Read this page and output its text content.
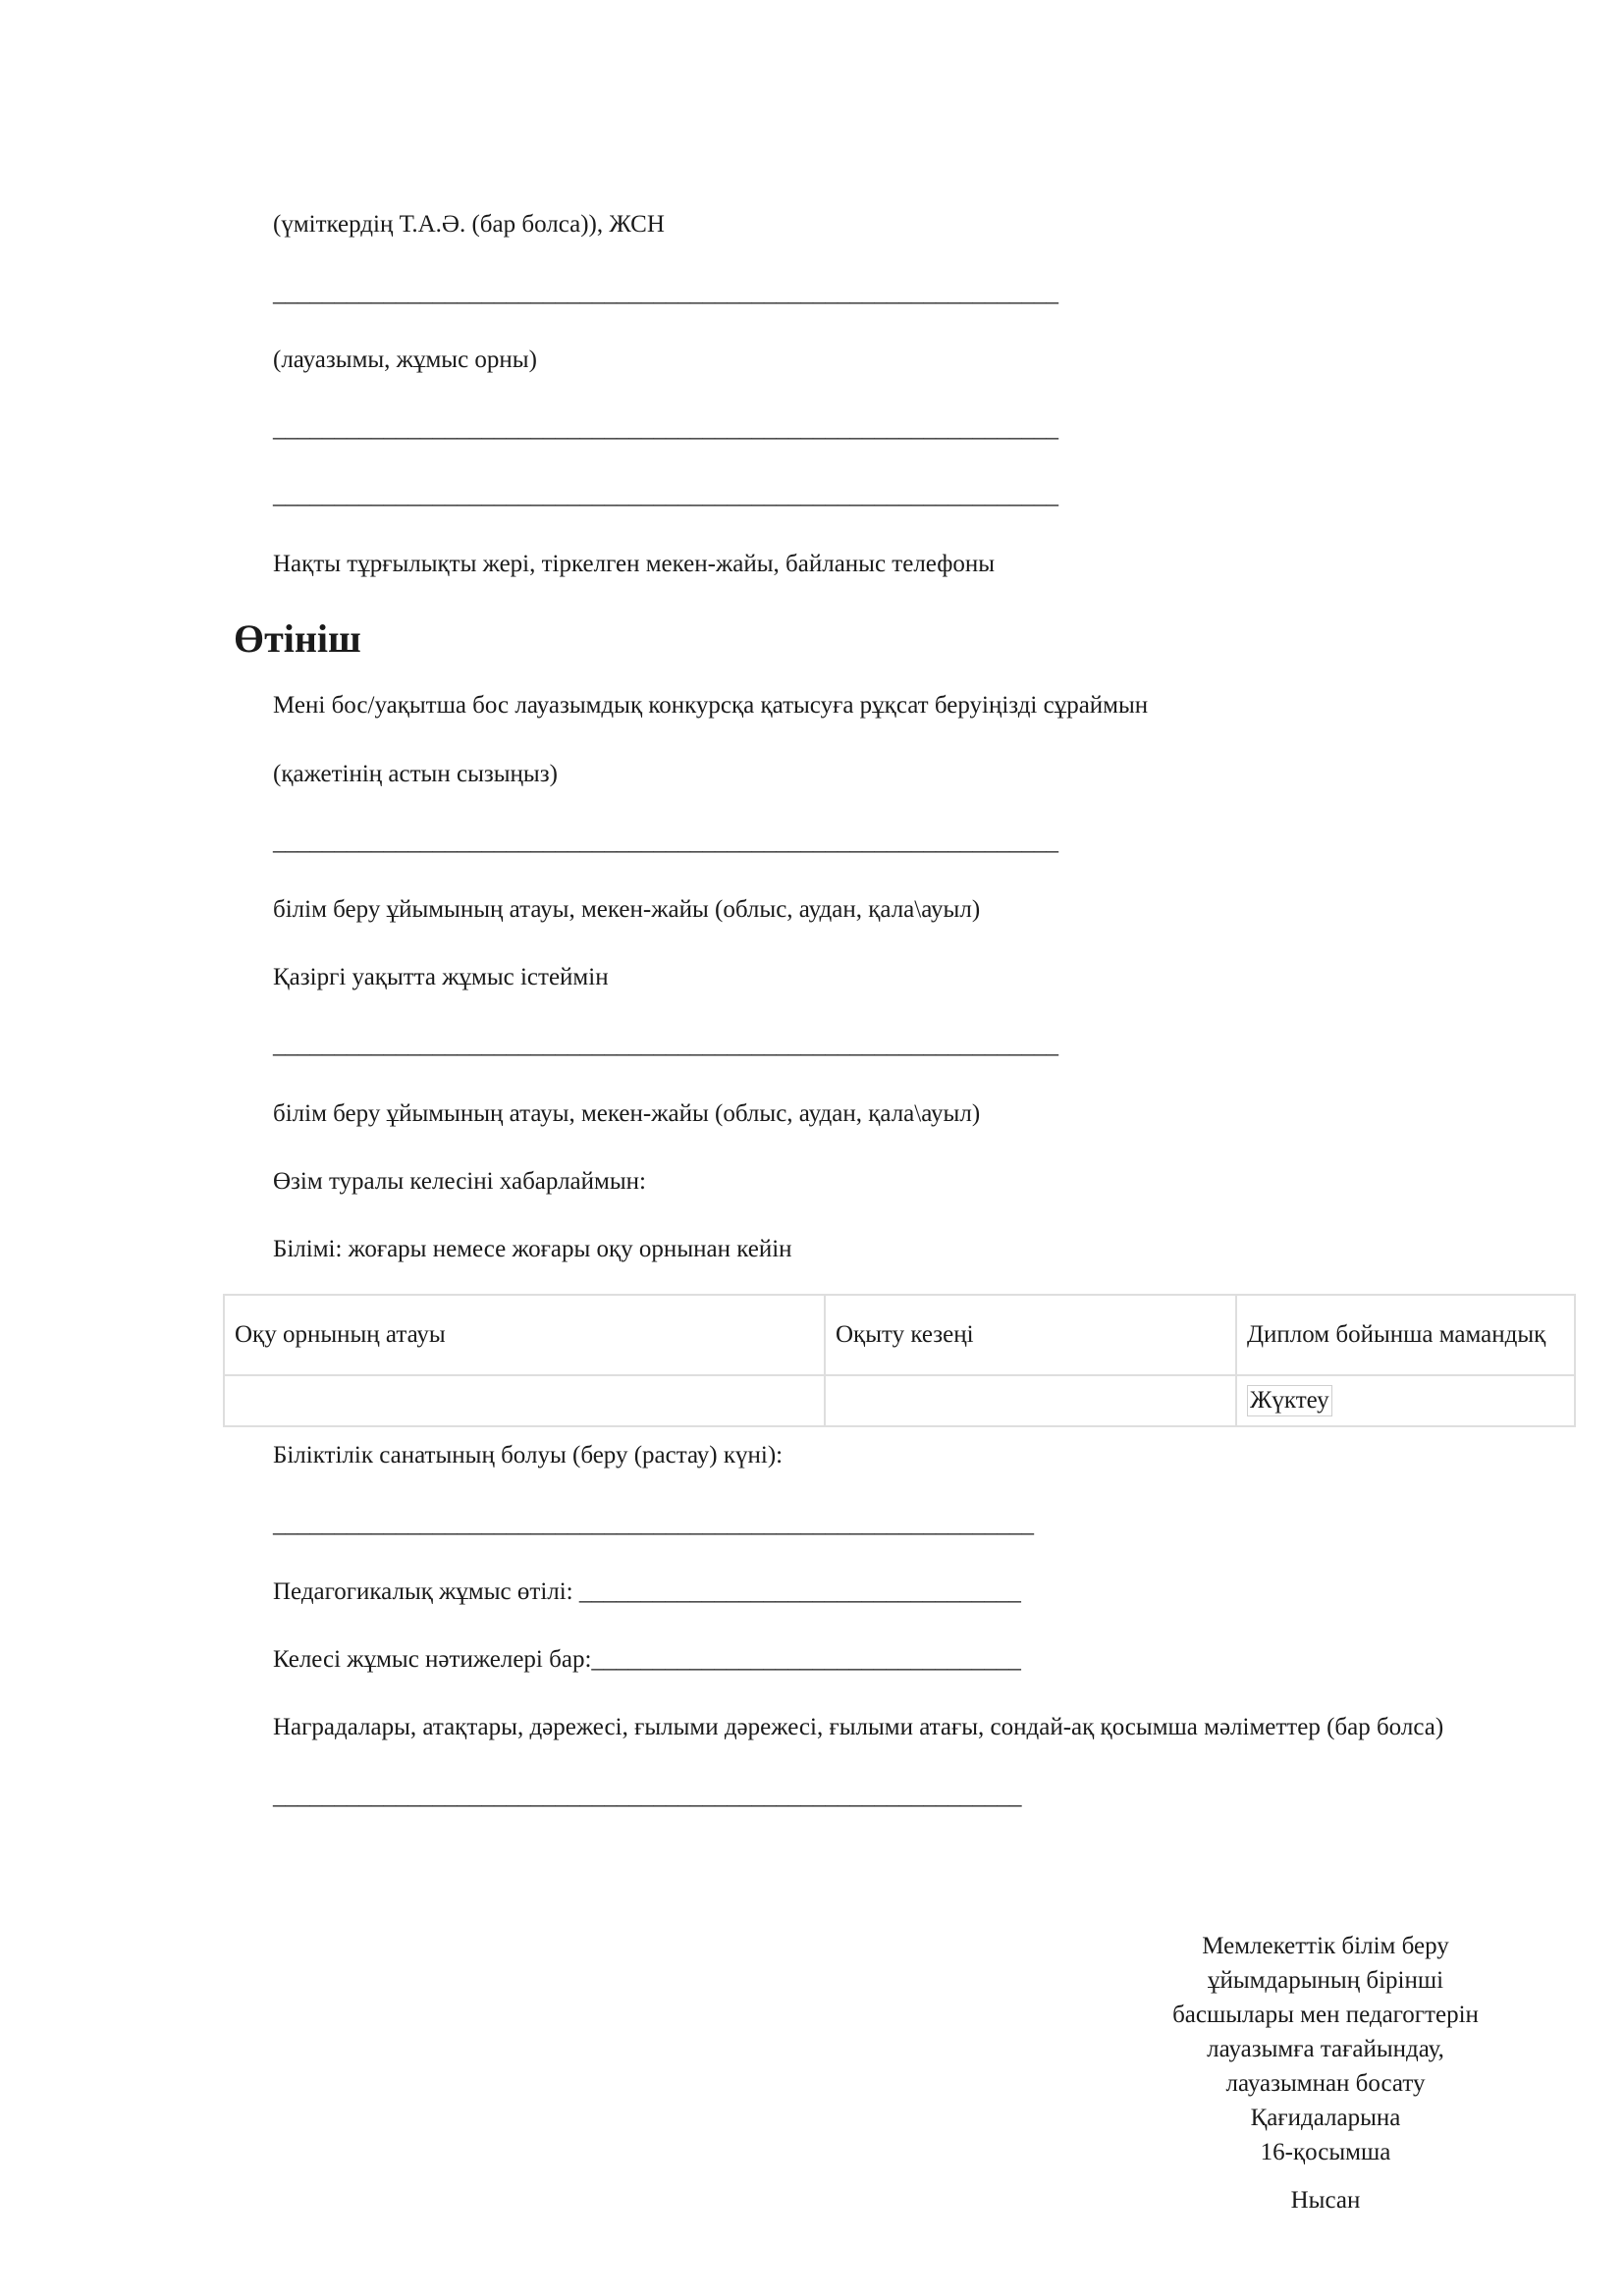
(үміткердің Т.А.Ә. (бар болса)), ЖСН
________________________________________________________________
(лауазымы, жұмыс орны)
________________________________________________________________
________________________________________________________________
Нақты тұрғылықты жері, тіркелген мекен-жайы, байланыс телефоны
Өтініш
Мені бос/уақытша бос лауазымдық конкурсқа қатысуға рұқсат беруіңізді сұраймын
(қажетінің астын сызыңыз)
________________________________________________________________
білім беру ұйымының атауы, мекен-жайы (облыс, аудан, қала\ауыл)
Қазіргі уақытта жұмыс істеймін
________________________________________________________________
білім беру ұйымының атауы, мекен-жайы (облыс, аудан, қала\ауыл)
Өзім туралы келесіні хабарлаймын:
Білімі: жоғары немесе жоғары оқу орнынан кейін
Оқу орнының атауы	Оқыту кезеңі	Диплом бойынша мамандық
		Жүктеу
Біліктілік санатының болуы (беру (растау) күні):
______________________________________________________________
Педагогикалық жұмыс өтілі: ____________________________________
Келесі жұмыс нәтижелері бар:___________________________________
Наградалары, атақтары, дәрежесі, ғылыми дәрежесі, ғылыми атағы, сондай-ақ қосымша мәліметтер (бар болса)
_____________________________________________________________
Мемлекеттік білім беру
ұйымдарының бірінші
басшылары мен педагогтерін
лауазымға тағайындау,
лауазымнан босату
Қағидаларына
16-қосымша
Нысан
